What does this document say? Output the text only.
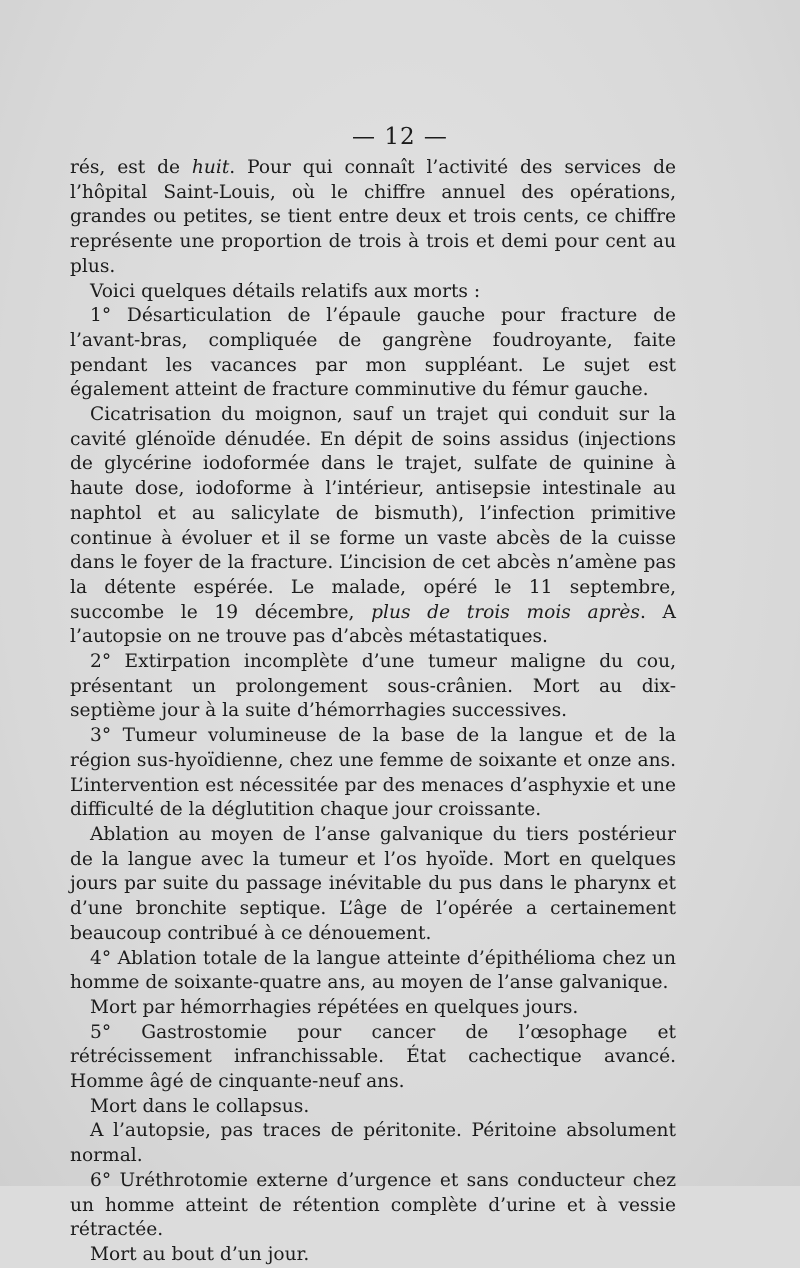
— 12 —

rés, est de huit. Pour qui connaît l’activité des services de l’hôpital Saint-Louis, où le chiffre annuel des opérations, grandes ou petites, se tient entre deux et trois cents, ce chiffre représente une proportion de trois à trois et demi pour cent au plus.

Voici quelques détails relatifs aux morts :

1° Désarticulation de l’épaule gauche pour fracture de l’avant-bras, compliquée de gangrène foudroyante, faite pendant les vacances par mon suppléant. Le sujet est également atteint de fracture comminutive du fémur gauche.

Cicatrisation du moignon, sauf un trajet qui conduit sur la cavité glénoïde dénudée. En dépit de soins assidus (injections de glycérine iodoformée dans le trajet, sulfate de quinine à haute dose, iodoforme à l’intérieur, antisepsie intestinale au naphtol et au salicylate de bismuth), l’infection primitive continue à évoluer et il se forme un vaste abcès de la cuisse dans le foyer de la fracture. L’incision de cet abcès n’amène pas la détente espérée. Le malade, opéré le 11 septembre, succombe le 19 décembre, plus de trois mois après. A l’autopsie on ne trouve pas d’abcès métastatiques.

2° Extirpation incomplète d’une tumeur maligne du cou, présentant un prolongement sous-crânien. Mort au dix-septième jour à la suite d’hémorrhagies successives.

3° Tumeur volumineuse de la base de la langue et de la région sus-hyoïdienne, chez une femme de soixante et onze ans. L’intervention est nécessitée par des menaces d’asphyxie et une difficulté de la déglutition chaque jour croissante.

Ablation au moyen de l’anse galvanique du tiers postérieur de la langue avec la tumeur et l’os hyoïde. Mort en quelques jours par suite du passage inévitable du pus dans le pharynx et d’une bronchite septique. L’âge de l’opérée a certainement beaucoup contribué à ce dénouement.

4° Ablation totale de la langue atteinte d’épithélioma chez un homme de soixante-quatre ans, au moyen de l’anse galvanique.

Mort par hémorrhagies répétées en quelques jours.

5° Gastrostomie pour cancer de l’œsophage et rétrécissement infranchissable. État cachectique avancé. Homme âgé de cinquante-neuf ans.

Mort dans le collapsus.

A l’autopsie, pas traces de péritonite. Péritoine absolument normal.

6° Uréthrotomie externe d’urgence et sans conducteur chez un homme atteint de rétention complète d’urine et à vessie rétractée.

Mort au bout d’un jour.
